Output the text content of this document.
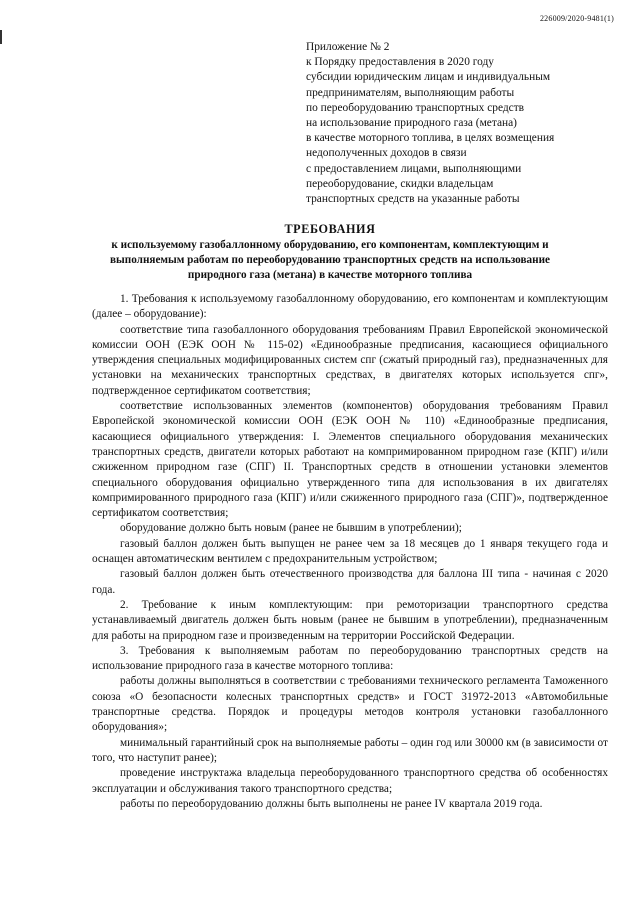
226009/2020-9481(1)
Приложение № 2
к Порядку предоставления в 2020 году
субсидии юридическим лицам и индивидуальным
предпринимателям, выполняющим работы
по переоборудованию транспортных средств
на использование природного газа (метана)
в качестве моторного топлива, в целях возмещения
недополученных доходов в связи
с предоставлением лицами, выполняющими
переоборудование, скидки владельцам
транспортных средств на указанные работы
ТРЕБОВАНИЯ
к используемому газобаллонному оборудованию, его компонентам, комплектующим и выполняемым работам по переоборудованию транспортных средств на использование природного газа (метана) в качестве моторного топлива

1. Требования к используемому газобаллонному оборудованию, его компонентам и комплектующим (далее – оборудование):

соответствие типа газобаллонного оборудования требованиям Правил Европейской экономической комиссии ООН (ЕЭК ООН № 115-02) «Единообразные предписания, касающиеся официального утверждения специальных модифицированных систем спг (сжатый природный газ), предназначенных для установки на механических транспортных средствах, в двигателях которых используется спг», подтвержденное сертификатом соответствия;

соответствие использованных элементов (компонентов) оборудования требованиям Правил Европейской экономической комиссии ООН (ЕЭК ООН № 110) «Единообразные предписания, касающиеся официального утверждения: I. Элементов специального оборудования механических транспортных средств, двигатели которых работают на компримированном природном газе (КПГ) и/или сжиженном природном газе (СПГ) II. Транспортных средств в отношении установки элементов специального оборудования официально утвержденного типа для использования в их двигателях компримированного природного газа (КПГ) и/или сжиженного природного газа (СПГ)», подтвержденное сертификатом соответствия;

оборудование должно быть новым (ранее не бывшим в употреблении);

газовый баллон должен быть выпущен не ранее чем за 18 месяцев до 1 января текущего года и оснащен автоматическим вентилем с предохранительным устройством;

газовый баллон должен быть отечественного производства для баллона III типа - начиная с 2020 года.

2. Требование к иным комплектующим: при ремоторизации транспортного средства устанавливаемый двигатель должен быть новым (ранее не бывшим в употреблении), предназначенным для работы на природном газе и произведенным на территории Российской Федерации.

3. Требования к выполняемым работам по переоборудованию транспортных средств на использование природного газа в качестве моторного топлива:

работы должны выполняться в соответствии с требованиями технического регламента Таможенного союза «О безопасности колесных транспортных средств» и ГОСТ 31972-2013 «Автомобильные транспортные средства. Порядок и процедуры методов контроля установки газобаллонного оборудования»;

минимальный гарантийный срок на выполняемые работы – один год или 30000 км (в зависимости от того, что наступит ранее);

проведение инструктажа владельца переоборудованного транспортного средства об особенностях эксплуатации и обслуживания такого транспортного средства;

работы по переоборудованию должны быть выполнены не ранее IV квартала 2019 года.
